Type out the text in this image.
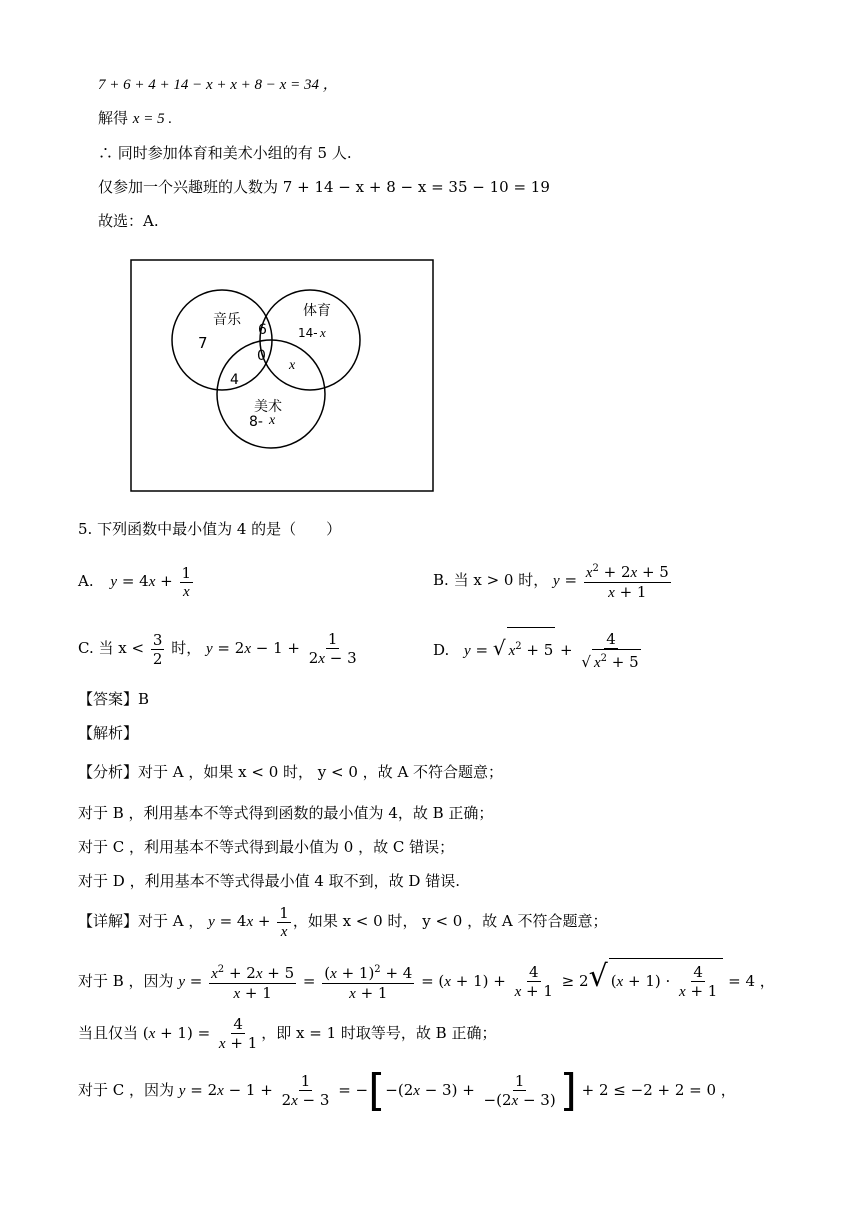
7 + 6 + 4 + 14 − x + x + 8 − x = 34 ，
解得 x = 5 .
∴ 同时参加体育和美术小组的有 5 人.
仅参加一个兴趣班的人数为 7 + 14 − x + 8 − x = 35 − 10 = 19
故选：A.
音乐
体育
美术
7
6
0
4
14- x
x
8- x
5. 下列函数中最小值为 4 的是（　　）
A. $y = 4x + \frac{1}{x}$	B. 当 x > 0 时， $y = \frac{x^2 + 2x + 5}{x + 1}$
C. 当 $x < \frac{3}{2}$ 时， $y = 2x - 1 + \frac{1}{2x - 3}$	D. y = √ $x^2 + 5 + \frac{4}{√ x^2 + 5}$
【答案】B
【解析】
【分析】对于 A ，如果 x < 0 时， y < 0 ，故 A 不符合题意；
对于 B ，利用基本不等式得到函数的最小值为 4，故 B 正确；
对于 C ，利用基本不等式得到最小值为 0 ，故 C 错误；
对于 D ，利用基本不等式得最小值 4 取不到，故 D 错误.
【详解】对于 A ， $y = 4x + \frac{1}{x}$ ，如果 x < 0 时， y < 0 ，故 A 不符合题意；
对于 B ，因为 $y = \frac{x^2 + 2x + 5}{x + 1} = \frac{(x + 1)^2 + 4}{x + 1} = (x + 1) + \frac{4}{x + 1} \ge 2√$ $(x + 1) \cdot \frac{4}{x + 1} = 4$ ，
当且仅当 $(x + 1) = \frac{4}{x + 1}$ ，即 x = 1 时取等号，故 B 正确；
对于 C ，因为 $y = 2x - 1 + \frac{1}{2x - 3} = -[-(2x - 3) + \frac{1}{-(2x - 3)}$ ] + 2 ≤ −2 + 2 = 0 ，
